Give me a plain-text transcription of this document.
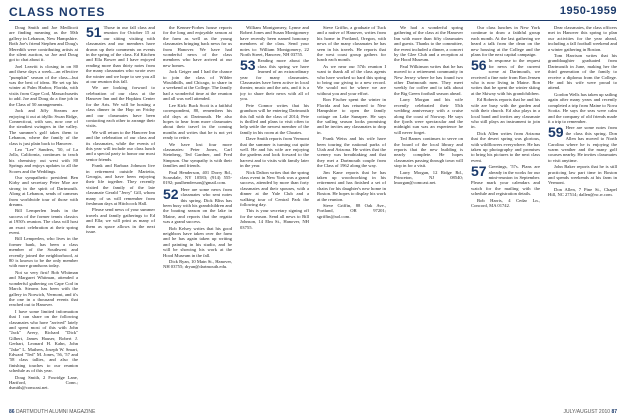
CLASS NOTES	1950-1959

Doug Smith and Joe Medlicott are finding meaning as the 50th gallery in Lebanon, New Hampshire. Both Joe's friend Stephen and Doug's Meredith were contributing artists at the silent auction, so Joe and Doug got to chat about it.

Joel Leavitt is closing in on 80 and these days a week—an effective "pumpkin" season of the class—but was the best of ideas. He set up his winter at Palm Harbor, Florida, with visits from Cape Cod, Massachusetts to add. Joe and Doug do a fine job in the Class of 50 arrangements.

Jack and Jiffy Stearns are enjoying it out at idyllic Swan Ridge, Connecticut, with son, now one of the steadiest swingers in the valley. The summer's golf takes them to Lebanon, where the family of the class is just plain back to Hanover.

Leo "Lee" Sanders, '50, of La Jolla, California, continues to teach his chemistry out west with 80 Springs and enjoys updates to all the Scores and the Weddings.

Our sympathetic president Ben Kirby and secretary Peter Moe are strong in the spirit of Dartmouth. Along at Lebanon, sends of cameras from worldwide tour of those with dreams.

Bill Lemperlen leads in the success of the former tennis classics at 1950's reunion. The class will host an exact celebration at their spring event.

Bill Lemperlen, who lives in the former bank, has been a class member of the Southwest and recently joined the neighborhood, at 80 is known to be the only member with more grandsons today.

Not so very first! Bob Whitman and Margaret Whitman, attended a wonderful gathering on Cape Cod in March. Stearns has been with the gallery in Norwich, Vermont, and it's the one in a thousand events that reached out to Hanover.

I have some limited information that I can share on the following classmates who have "arrived" lately and spent most of this with John "Jack" Avery, Richard "Dick" Gilbert, James Hauser, Robert J. Gerhart, Leonard H. Kahn, John "Jake" L. Mathers, Joseph W. Smart, Edward "Ted" M. Jones, '56, '57 and '58 class tallies, and also the finishing touches to our reunion schedule as of this year.

Doug Smith, 2 Foxridge Lane, Hartford, Conn.; dsmith@comcast.net.

51 Those in our fall class and reunion for October 15 at our sitting visiting with classmates and our members have drawn up their comments on events in the spring of the class. Ed Kitchen and Ella Bower and I have enjoyed reading more than thirty notes from the many classmates who wrote over the winter and we hope to see you all at our reunion this fall.

We are looking forward to celebration of our class at the Hanover Inn and the Hopkins Center for the Arts. We will be hosting a class dinner in the Hop on Friday and our classmates have been contacting each other to arrange their visits.

We will return to the Hanover Inn and the celebration of our class and its classmates, while the events of this year will include our class lunch and a special party to honor our most senior friends.

Frank and Barbara Johnson live in retirement outside Marietta, Georgia, and have been enjoying their life together. They recently visited the family of the late classmate Gerald "Jerry" Gill, whom many of us will remember from freshman days at Hitchcock Hall.

Please send news of your summer travels and family gatherings to Ed and Ella; we will print as many of them as space allows in the next issue.

the Kenner-Forbes house reports for the long and enjoyable season at the farm as well as the young classmates bringing back news for us from Hanover. We have had wonderful news of the class members who have arrived at our new homes.

Jack Geiger and I had the chance to join the class of Wilder Wouldhills, and Chicago, to share in a weekend at the College. The family had a wonderful time at the reunion and all was well attended.

Lee Kirk: Buck Scott is a faithful correspondent, 80, remembers his old days at Dartmouth. He also hopes to hear from more classmates about their travel in the coming months and writes that he is not yet ready to retire.

We have lost four more classmates: Peter Jones, Carl Steinberg, Ted Gardner, and Fred Simpson. Our sympathy is with their families and friends.

Paul Henderson, 401 Dorry Rd., Scarsdale, NY 10583; (914) 555-0192; paulhenderson@gmail.com.

52 Here are some news from classmates who sent notes this spring. Dick Bliss has been busy with his grandchildren and the boating season on the lake in Maine, and reports that the regatta was a grand success.

Bob Kelsey writes that his good neighbors have taken over the farm and he has again taken up writing and painting in his studio, and he will be showing his work at the Hood Museum in the fall.

Dick Ryan, 10 Main St., Hanover, NH 03755; dryan@dartmouth.edu.

William Montgomery, Lynne and Robert Jones and Susan Montgomery have recently been named honorary members of the class. Send your notes to: William Montgomery, 22 North Street, Hanover, NH 03755.

53 Reading more about the class this spring we have learned of an extraordinary year for many classmates. Classmates have been active in local theater, music and the arts, and it is a joy to share their news with all of you.

Pete Connor writes that his grandson will be entering Dartmouth this fall with the class of 2014; Pete is thrilled and plans to visit often to help settle the newest member of the family in his room at the Choates.

Dave Smith reports from Vermont that the summer is turning out quite well. He and his wife are enjoying the gardens and look forward to the harvest and to visits with family later in the year.

Nick Dalton writes that the spring class event in New York was a grand success, attended by more than forty classmates and their spouses, with a dinner at the Yale Club and a walking tour of Central Park the following day.

This is your secretary signing off for the season. Send all news to Bill Johnson, 14 Elm St., Hanover, NH 03755.

Steve Griffin, a graduate of Tuck and a native of Hanover, writes from his home in Portland, Oregon, with news of the many classmates he has seen in his travels. He reports that the west coast group gathers for lunch each month.

As we near our 57th reunion I want to thank all of the class agents who have worked so hard this spring to bring our giving to a new record. We would not be where we are without you and your effort.

Ron Fischer spent the winter in Florida and has returned to New Hampshire to open the family cottage on Lake Sunapee. He says the sailing season looks promising and he invites any classmates to drop in.

Frank Weiss and his wife have been touring the national parks of Utah and Arizona. He writes that the scenery was breathtaking and that they met a Dartmouth couple from the Class of 1962 along the way.

Jim Kane reports that he has taken up woodworking in his retirement and has finished a set of chairs for his daughter's new home in Boston. He hopes to display his work at the reunion.

Steve Griffin, 88 Oak Ave., Portland, OR 97201; sgriffin@aol.com.

We had a wonderful spring gathering of the class at the Hanover Inn with more than fifty classmates and guests. Thanks to the committee, the event included a dinner, a concert by the Glee Club and a reception at the Hood Museum.

Paul Wilkinson writes that he has moved to a retirement community in New Jersey where he has found two other Dartmouth men. They meet weekly for coffee and to talk about the Big Green football season ahead.

Larry Morgan and his wife recently celebrated their 55th wedding anniversary with a cruise along the coast of Norway. He says the fjords were spectacular and the midnight sun was an experience he will never forget.

Ted Barnes continues to serve on the board of the local library and reports that the new building is nearly complete. He hopes classmates passing through town will stop in for a visit.

Larry Morgan, 12 Ridge Rd., Princeton, NJ 08540; lmorgan@comcast.net.

Our class lunches in New York continue to draw a faithful group each month. At the last gathering we heard a talk from the dean on the new housing at the College and the plans for the next capital campaign.

56 In response to the request for news of the current scene at Dartmouth, we received a fine note from Ron Jensen who is now living in Maine. Ron writes that he spent the winter skiing at the Skiway with his grandchildren.

Ed Roberts reports that he and his wife are busy with the garden and with their church. Ed also plays in a local band and invites any classmate who still plays an instrument to join in.

Dick Allen writes from Arizona that the desert spring was glorious, with wildflowers everywhere. He has taken up photography and promises to bring his pictures to the next class event.

57 Greetings, '57s. Plans are already in the works for our mini-reunion in September. Please mark your calendars and watch for the mailing with the schedule and registration details.

Bob Harris, 4 Cedar Ln., Concord, MA 01742.

Dear classmates, the class officers met in Hanover this spring to plan our activities for the year ahead, including a fall football weekend and a winter gathering in Boston.

Tom Harrison writes that his granddaughter graduated from Dartmouth in June, making her the third generation of the family to receive a diploma from the College. He and his wife were proud to attend.

Gordon Wells has taken up sailing again after many years and recently completed a trip from Maine to Nova Scotia. He says the seas were calm and the company of old friends made it a trip to remember.

59 Here are some notes from the class this spring. Don Allen has moved to North Carolina where he is enjoying the warm weather and the many golf courses nearby. He invites classmates to visit anytime.

John Baker reports that he is still practicing law part time in Boston and spends weekends at his farm in Vermont.

Don Allen, 7 Pine St., Chapel Hill, NC 27514; dallen@nc.rr.com.

86 DARTMOUTH ALUMNI MAGAZINE	JULY/AUGUST 2010 87
